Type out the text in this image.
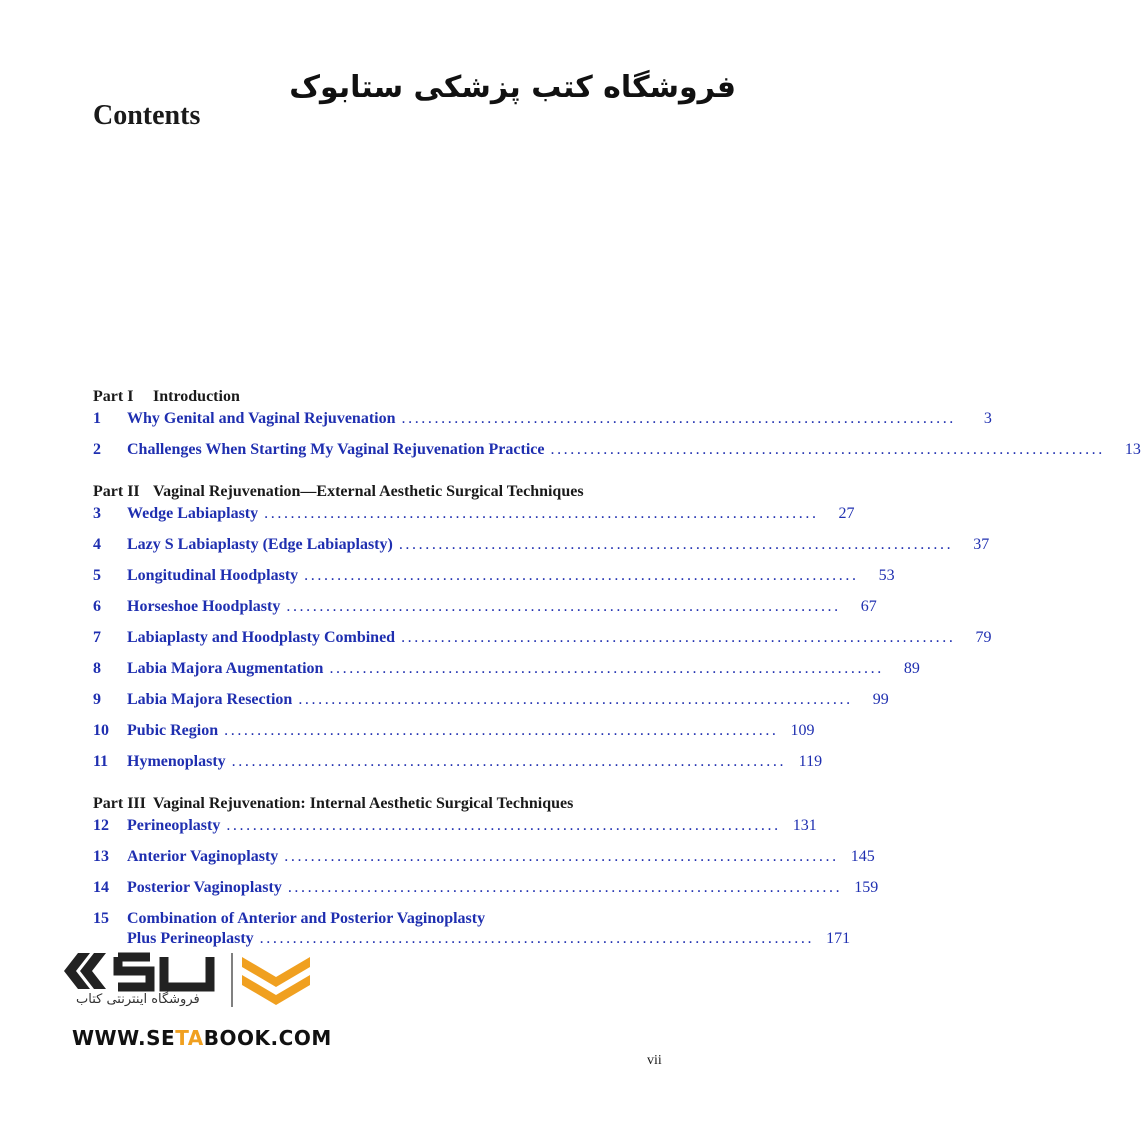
فروشگاه کتب پزشکی ستابوک
Contents
Part I	Introduction
1	Why Genital and Vaginal Rejuvenation ....................................................................................	3
2	Challenges When Starting My Vaginal Rejuvenation Practice ....................................................................................	13
Part II Vaginal Rejuvenation—External Aesthetic Surgical Techniques
3	Wedge Labiaplasty ....................................................................................	27
4	Lazy S Labiaplasty (Edge Labiaplasty) ....................................................................................	37
5	Longitudinal Hoodplasty ....................................................................................	53
6	Horseshoe Hoodplasty ....................................................................................	67
7	Labiaplasty and Hoodplasty Combined ....................................................................................	79
8	Labia Majora Augmentation ....................................................................................	89
9	Labia Majora Resection ....................................................................................	99
10	Pubic Region .................................................................................... 109
11	Hymenoplasty .................................................................................... 119
Part III Vaginal Rejuvenation: Internal Aesthetic Surgical Techniques
12	Perineoplasty .................................................................................... 131
13	Anterior Vaginoplasty .................................................................................... 145
14	Posterior Vaginoplasty .................................................................................... 159
15	Combination of Anterior and Posterior Vaginoplasty
Plus Perineoplasty .................................................................................... 171
فروشگاه اینترنتی کتاب
WWW.SETABOOK.COM
vii
